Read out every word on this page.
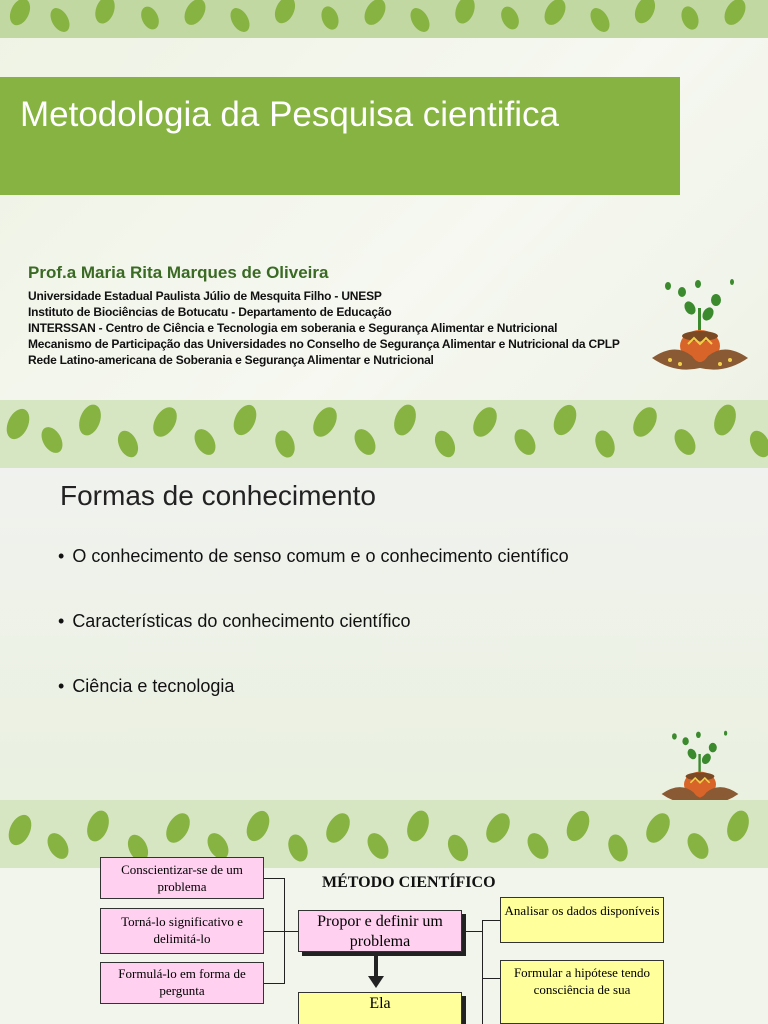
Metodologia da Pesquisa cientifica
Prof.a Maria Rita Marques de Oliveira
Universidade Estadual Paulista Júlio de Mesquita Filho - UNESP
Instituto de Biociências de Botucatu - Departamento de Educação
INTERSSAN - Centro de Ciência e Tecnologia em soberania e Segurança Alimentar e Nutricional
Mecanismo de Participação das Universidades no Conselho de Segurança Alimentar e Nutricional da CPLP
Rede Latino-americana de Soberania e Segurança Alimentar e Nutricional
Formas de conhecimento
• O conhecimento de senso comum e o conhecimento científico
• Características do conhecimento científico
• Ciência e tecnologia
MÉTODO CIENTÍFICO
Conscientizar-se de um problema
Torná-lo significativo e delimitá-lo
Formulá-lo em forma de pergunta
Propor e definir um problema
Ela
Analisar os dados disponíveis
Formular a hipótese tendo consciência de sua
